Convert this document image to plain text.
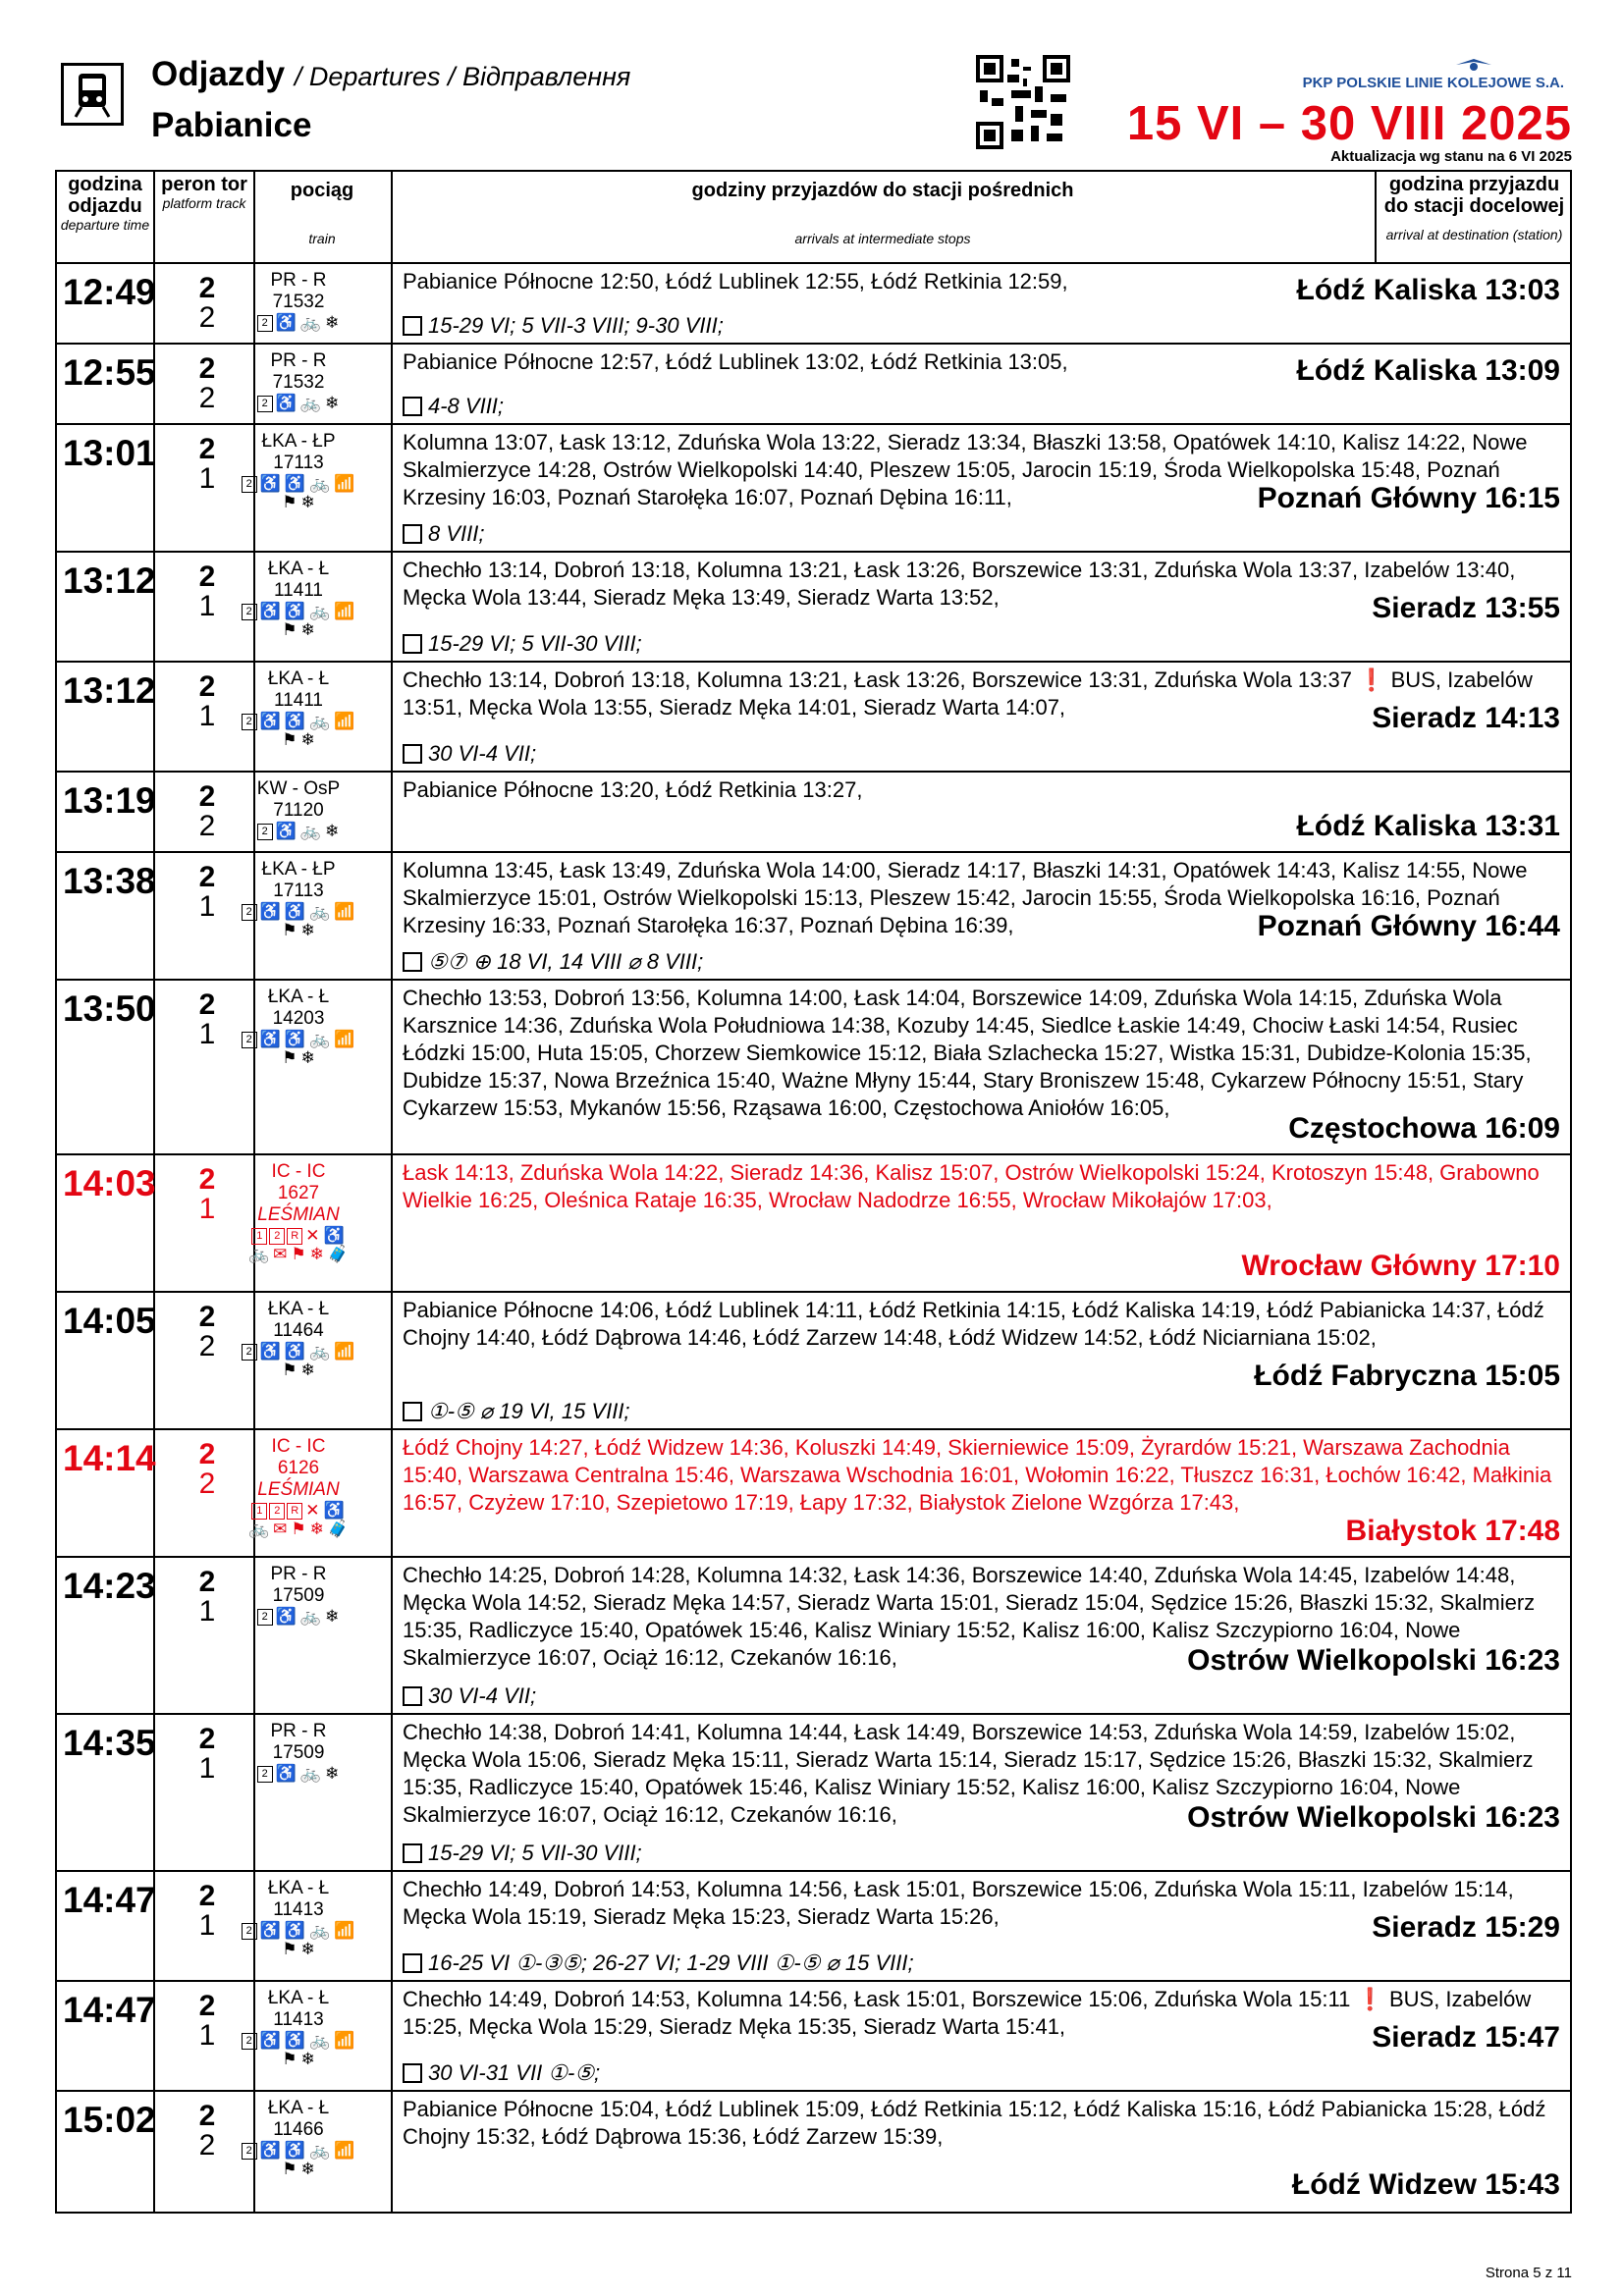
Odjazdy / Departures / Відправлення
Pabianice
PKP POLSKIE LINIE KOLEJOWE S.A.
15 VI – 30 VIII 2025
Aktualizacja wg stanu na 6 VI 2025
godzina odjazdu
departure time
peron tor
platform track
pociąg
train
godziny przyjazdów do stacji pośrednich
arrivals at intermediate stops
godzina przyjazdu do stacji docelowej
arrival at destination (station)
12:49 2
2
PR - R
71532
2 ♿ 🚲 ❄
Pabianice Północne 12:50, Łódź Lublinek 12:55, Łódź Retkinia 12:59,	Łódź Kaliska 13:03
15-29 VI; 5 VII-3 VIII; 9-30 VIII;
12:55 2
2
PR - R
71532
2 ♿ 🚲 ❄
Pabianice Północne 12:57, Łódź Lublinek 13:02, Łódź Retkinia 13:05,	Łódź Kaliska 13:09
4-8 VIII;
13:01 2
1
ŁKA - ŁP
17113
2 ♿ ♿ 🚲 📶
⚑ ❄
Kolumna 13:07, Łask 13:12, Zduńska Wola 13:22, Sieradz 13:34, Błaszki 13:58, Opatówek 14:10, Kalisz 14:22, Nowe Skalmierzyce 14:28, Ostrów Wielkopolski 14:40, Pleszew 15:05, Jarocin 15:19, Środa Wielkopolska 15:48, Poznań Krzesiny 16:03, Poznań Starołęka 16:07, Poznań Dębina 16:11,	Poznań Główny 16:15
8 VIII;
13:12 2
1
ŁKA - Ł
11411
2 ♿ ♿ 🚲 📶
⚑ ❄
Chechło 13:14, Dobroń 13:18, Kolumna 13:21, Łask 13:26, Borszewice 13:31, Zduńska Wola 13:37, Izabelów 13:40, Męcka Wola 13:44, Sieradz Męka 13:49, Sieradz Warta 13:52,	Sieradz 13:55
15-29 VI; 5 VII-30 VIII;
13:12 2
1
ŁKA - Ł
11411
2 ♿ ♿ 🚲 📶
⚑ ❄
Chechło 13:14, Dobroń 13:18, Kolumna 13:21, Łask 13:26, Borszewice 13:31, Zduńska Wola 13:37 ❗ BUS, Izabelów 13:51, Męcka Wola 13:55, Sieradz Męka 14:01, Sieradz Warta 14:07,	Sieradz 14:13
30 VI-4 VII;
13:19 2
2
KW - OsP
71120
2 ♿ 🚲 ❄
Pabianice Północne 13:20, Łódź Retkinia 13:27,
Łódź Kaliska 13:31
13:38 2
1
ŁKA - ŁP
17113
2 ♿ ♿ 🚲 📶
⚑ ❄
Kolumna 13:45, Łask 13:49, Zduńska Wola 14:00, Sieradz 14:17, Błaszki 14:31, Opatówek 14:43, Kalisz 14:55, Nowe Skalmierzyce 15:01, Ostrów Wielkopolski 15:13, Pleszew 15:42, Jarocin 15:55, Środa Wielkopolska 16:16, Poznań Krzesiny 16:33, Poznań Starołęka 16:37, Poznań Dębina 16:39,	Poznań Główny 16:44
⑤⑦ ⊕ 18 VI, 14 VIII ⌀ 8 VIII;
13:50 2
1
ŁKA - Ł
14203
2 ♿ ♿ 🚲 📶
⚑ ❄
Chechło 13:53, Dobroń 13:56, Kolumna 14:00, Łask 14:04, Borszewice 14:09, Zduńska Wola 14:15, Zduńska Wola Karsznice 14:36, Zduńska Wola Południowa 14:38, Kozuby 14:45, Siedlce Łaskie 14:49, Chociw Łaski 14:54, Rusiec Łódzki 15:00, Huta 15:05, Chorzew Siemkowice 15:12, Biała Szlachecka 15:27, Wistka 15:31, Dubidze-Kolonia 15:35, Dubidze 15:37, Nowa Brzeźnica 15:40, Ważne Młyny 15:44, Stary Broniszew 15:48, Cykarzew Północny 15:51, Stary Cykarzew 15:53, Mykanów 15:56, Rząsawa 16:00, Częstochowa Aniołów 16:05,
Częstochowa 16:09
14:03 2
1
IC - IC
1627
LEŚMIAN
1	2 R ✕ ♿
🚲 ✉ ⚑ ❄ 🧳
Łask 14:13, Zduńska Wola 14:22, Sieradz 14:36, Kalisz 15:07, Ostrów Wielkopolski 15:24, Krotoszyn 15:48, Grabowno Wielkie 16:25, Oleśnica Rataje 16:35, Wrocław Nadodrze 16:55, Wrocław Mikołajów 17:03,
Wrocław Główny 17:10
14:05 2
2
ŁKA - Ł
11464
2 ♿ ♿ 🚲 📶
⚑ ❄
Pabianice Północne 14:06, Łódź Lublinek 14:11, Łódź Retkinia 14:15, Łódź Kaliska 14:19, Łódź Pabianicka 14:37, Łódź Chojny 14:40, Łódź Dąbrowa 14:46, Łódź Zarzew 14:48, Łódź Widzew 14:52, Łódź Niciarniana 15:02,
Łódź Fabryczna 15:05
①-⑤ ⌀ 19 VI, 15 VIII;
14:14 2
2
IC - IC
6126
LEŚMIAN
1	2 R ✕ ♿
🚲 ✉ ⚑ ❄ 🧳
Łódź Chojny 14:27, Łódź Widzew 14:36, Koluszki 14:49, Skierniewice 15:09, Żyrardów 15:21, Warszawa Zachodnia 15:40, Warszawa Centralna 15:46, Warszawa Wschodnia 16:01, Wołomin 16:22, Tłuszcz 16:31, Łochów 16:42, Małkinia 16:57, Czyżew 17:10, Szepietowo 17:19, Łapy 17:32, Białystok Zielone Wzgórza 17:43,
Białystok 17:48
14:23 2
1
PR - R
17509
2 ♿ 🚲 ❄
Chechło 14:25, Dobroń 14:28, Kolumna 14:32, Łask 14:36, Borszewice 14:40, Zduńska Wola 14:45, Izabelów 14:48, Męcka Wola 14:52, Sieradz Męka 14:57, Sieradz Warta 15:01, Sieradz 15:04, Sędzice 15:26, Błaszki 15:32, Skalmierz 15:35, Radliczyce 15:40, Opatówek 15:46, Kalisz Winiary 15:52, Kalisz 16:00, Kalisz Szczypiorno 16:04, Nowe Skalmierzyce 16:07, Ociąż 16:12, Czekanów 16:16,	Ostrów Wielkopolski 16:23
30 VI-4 VII;
14:35 2
1
PR - R
17509
2 ♿ 🚲 ❄
Chechło 14:38, Dobroń 14:41, Kolumna 14:44, Łask 14:49, Borszewice 14:53, Zduńska Wola 14:59, Izabelów 15:02, Męcka Wola 15:06, Sieradz Męka 15:11, Sieradz Warta 15:14, Sieradz 15:17, Sędzice 15:26, Błaszki 15:32, Skalmierz 15:35, Radliczyce 15:40, Opatówek 15:46, Kalisz Winiary 15:52, Kalisz 16:00, Kalisz Szczypiorno 16:04, Nowe Skalmierzyce 16:07, Ociąż 16:12, Czekanów 16:16,	Ostrów Wielkopolski 16:23
15-29 VI; 5 VII-30 VIII;
14:47 2
1
ŁKA - Ł
11413
2 ♿ ♿ 🚲 📶
⚑ ❄
Chechło 14:49, Dobroń 14:53, Kolumna 14:56, Łask 15:01, Borszewice 15:06, Zduńska Wola 15:11, Izabelów 15:14, Męcka Wola 15:19, Sieradz Męka 15:23, Sieradz Warta 15:26,	Sieradz 15:29
16-25 VI ①-③⑤; 26-27 VI; 1-29 VIII ①-⑤ ⌀ 15 VIII;
14:47 2
1
ŁKA - Ł
11413
2 ♿ ♿ 🚲 📶
⚑ ❄
Chechło 14:49, Dobroń 14:53, Kolumna 14:56, Łask 15:01, Borszewice 15:06, Zduńska Wola 15:11 ❗ BUS, Izabelów 15:25, Męcka Wola 15:29, Sieradz Męka 15:35, Sieradz Warta 15:41,	Sieradz 15:47
30 VI-31 VII ①-⑤;
15:02 2
2
ŁKA - Ł
11466
2 ♿ ♿ 🚲 📶
⚑ ❄
Pabianice Północne 15:04, Łódź Lublinek 15:09, Łódź Retkinia 15:12, Łódź Kaliska 15:16, Łódź Pabianicka 15:28, Łódź Chojny 15:32, Łódź Dąbrowa 15:36, Łódź Zarzew 15:39,
Łódź Widzew 15:43
Strona 5 z 11
